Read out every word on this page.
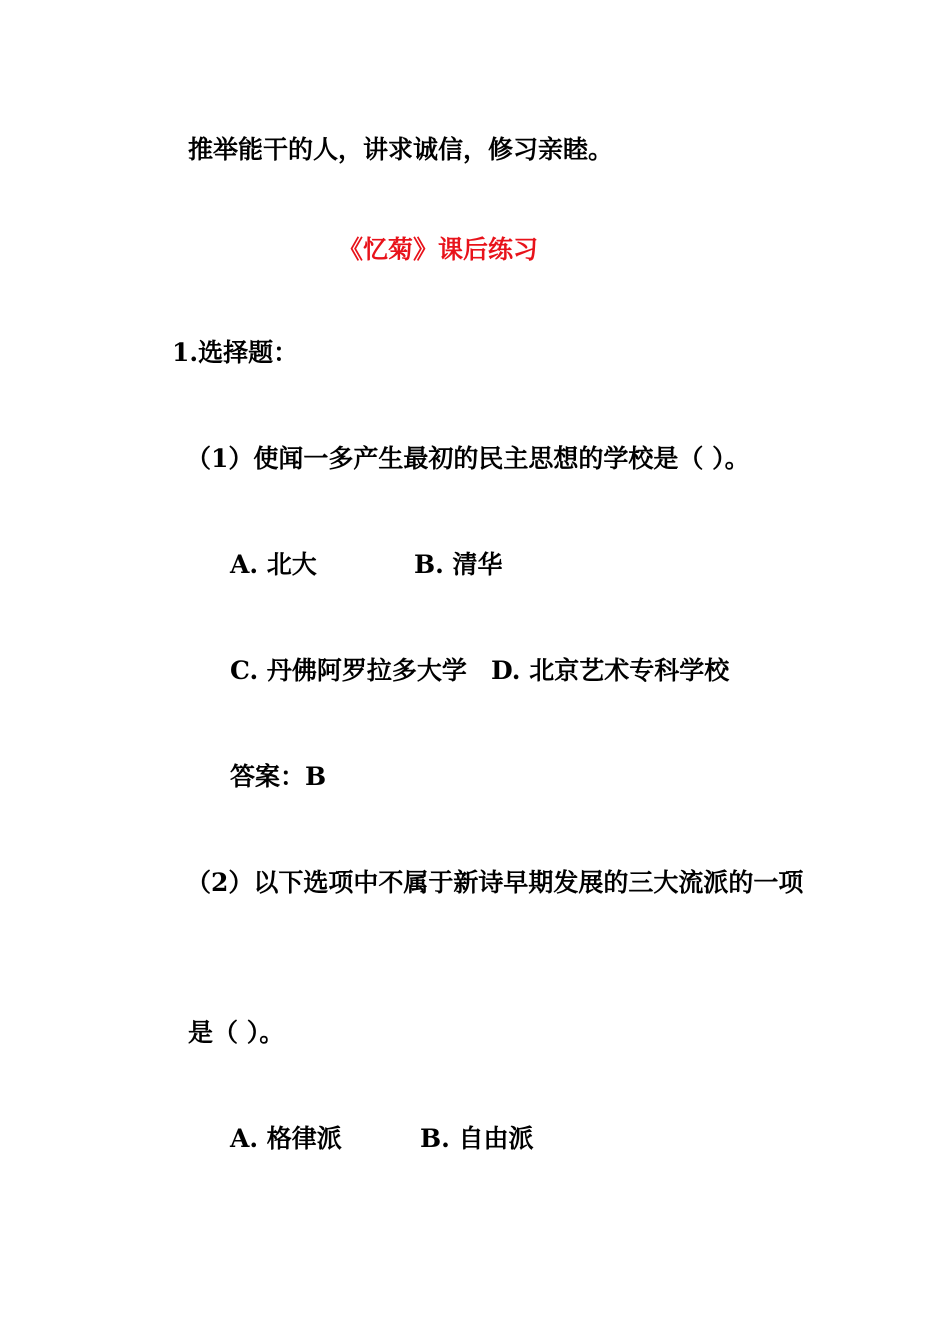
推举能干的人，讲求诚信，修习亲睦。
《忆菊》课后练习
1.选择题：
（1）使闻一多产生最初的民主思想的学校是（ ）。
A. 北大	B. 清华
C. 丹佛阿罗拉多大学 D. 北京艺术专科学校
答案：B
（2）以下选项中不属于新诗早期发展的三大流派的一项
是（ ）。
A. 格律派	B. 自由派
